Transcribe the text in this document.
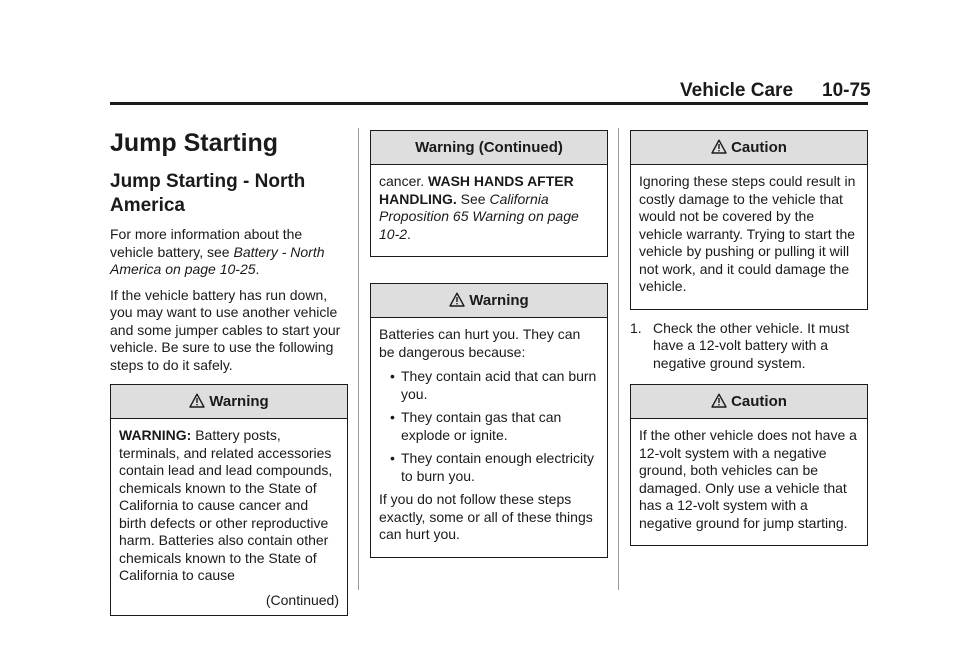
Vehicle Care 10-75
Jump Starting
Jump Starting - North America

For more information about the vehicle battery, see Battery - North America on page 10-25.

If the vehicle battery has run down, you may want to use another vehicle and some jumper cables to start your vehicle. Be sure to use the following steps to do it safely.

Warning

WARNING: Battery posts, terminals, and related accessories contain lead and lead compounds, chemicals known to the State of California to cause cancer and birth defects or other reproductive harm. Batteries also contain other chemicals known to the State of California to cause

(Continued)

Warning (Continued)

cancer. WASH HANDS AFTER HANDLING. See California Proposition 65 Warning on page 10-2.

Warning

Batteries can hurt you. They can be dangerous because:

• They contain acid that can burn you.
• They contain gas that can explode or ignite.
• They contain enough electricity to burn you.

If you do not follow these steps exactly, some or all of these things can hurt you.

Caution

Ignoring these steps could result in costly damage to the vehicle that would not be covered by the vehicle warranty. Trying to start the vehicle by pushing or pulling it will not work, and it could damage the vehicle.

1. Check the other vehicle. It must have a 12-volt battery with a negative ground system.
Caution

If the other vehicle does not have a 12-volt system with a negative ground, both vehicles can be damaged. Only use a vehicle that has a 12-volt system with a negative ground for jump starting.
